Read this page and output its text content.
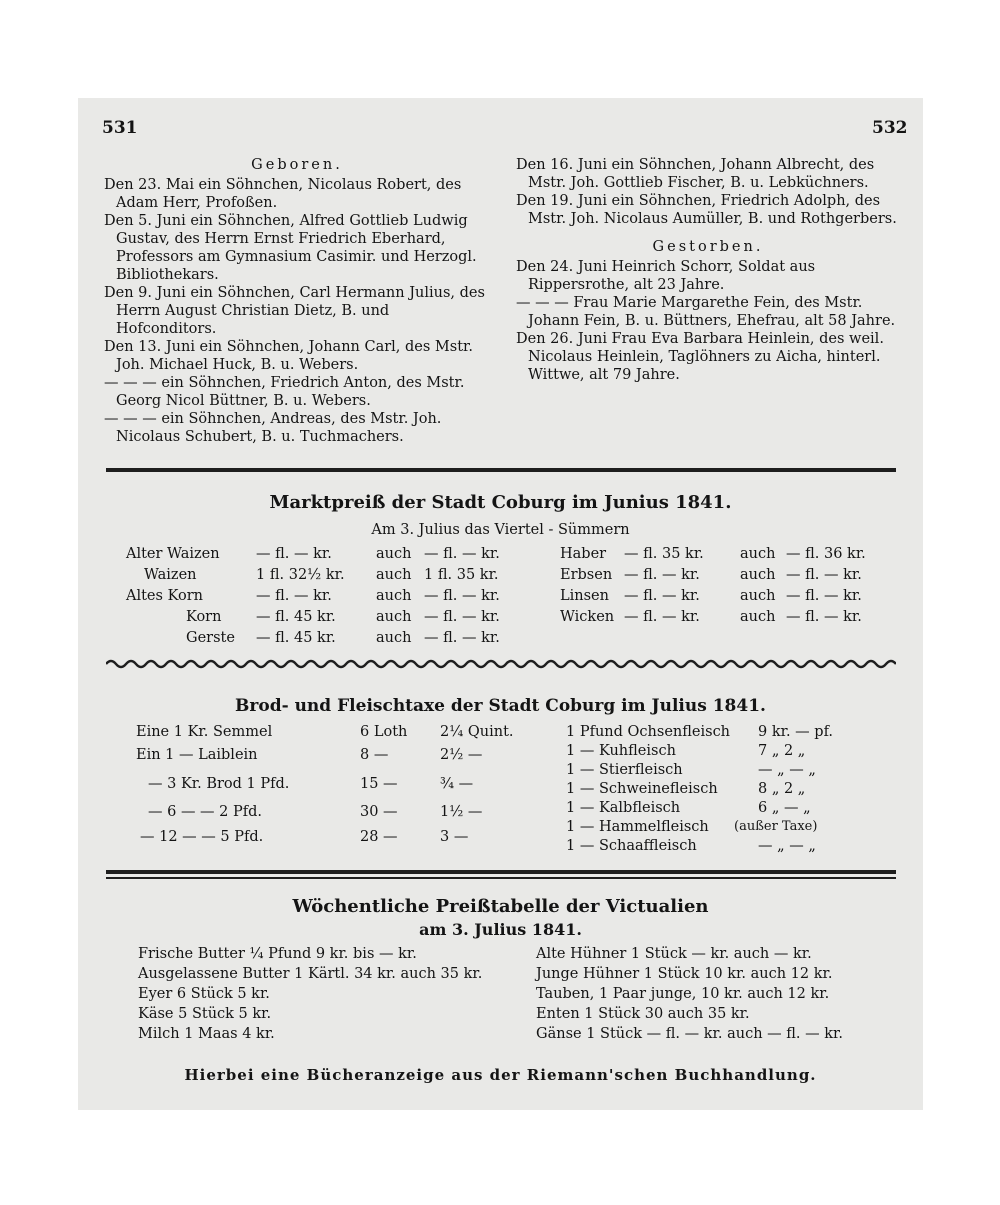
531	532
Geboren.
Den 23. Mai ein Söhnchen, Nicolaus Robert, des Adam Herr, Profoßen.
Den 5. Juni ein Söhnchen, Alfred Gottlieb Ludwig Gustav, des Herrn Ernst Friedrich Eberhard, Professors am Gymnasium Casimir. und Herzogl. Bibliothekars.
Den 9. Juni ein Söhnchen, Carl Hermann Julius, des Herrn August Christian Dietz, B. und Hofconditors.
Den 13. Juni ein Söhnchen, Johann Carl, des Mstr. Joh. Michael Huck, B. u. Webers.
— — — ein Söhnchen, Friedrich Anton, des Mstr. Georg Nicol Büttner, B. u. Webers.
— — — ein Söhnchen, Andreas, des Mstr. Joh. Nicolaus Schubert, B. u. Tuchmachers.
Den 16. Juni ein Söhnchen, Johann Albrecht, des Mstr. Joh. Gottlieb Fischer, B. u. Lebküchners.
Den 19. Juni ein Söhnchen, Friedrich Adolph, des Mstr. Joh. Nicolaus Aumüller, B. und Rothgerbers.
Gestorben.
Den 24. Juni Heinrich Schorr, Soldat aus Rippersrothe, alt 23 Jahre.
— — — Frau Marie Margarethe Fein, des Mstr. Johann Fein, B. u. Büttners, Ehefrau, alt 58 Jahre.
Den 26. Juni Frau Eva Barbara Heinlein, des weil. Nicolaus Heinlein, Taglöhners zu Aicha, hinterl. Wittwe, alt 79 Jahre.
Marktpreiß der Stadt Coburg im Junius 1841.
Am 3. Julius das Viertel - Sümmern
Alter Waizen	— fl. — kr.	auch — fl. — kr.
Waizen	1 fl. 32½ kr. auch 1 fl. 35 kr.
Altes Korn	— fl. — kr.	auch — fl. — kr.
Korn — fl. 45 kr.	auch — fl. — kr.
Gerste — fl. 45 kr.	auch — fl. — kr.
Haber — fl. 35 kr. auch — fl. 36 kr.
Erbsen — fl. — kr.	auch — fl. — kr.
Linsen — fl. — kr.	auch — fl. — kr.
Wicken — fl. — kr.	auch — fl. — kr.
Brod- und Fleischtaxe der Stadt Coburg im Julius 1841.
Eine 1 Kr. Semmel	6 Loth 2¼ Quint.
Ein 1 — Laiblein	8 —	2½ —
— 3 Kr. Brod 1 Pfd.	15 —	¾ —
— 6 — — 2 Pfd.	30 —	1½ —
— 12 — — 5 Pfd.	28 —	3 —
1 Pfund Ochsenfleisch 9 kr. — pf.
1 — Kuhfleisch	7 „ 2 „
1 — Stierfleisch	— „ — „
1 — Schweinefleisch	8 „ 2 „
1 — Kalbfleisch	6 „ — „
1 — Hammelfleisch (außer Taxe)
1 — Schaaffleisch	— „ — „
Wöchentliche Preißtabelle der Victualien
am 3. Julius 1841.
Frische Butter ¼ Pfund 9 kr. bis — kr.
Ausgelassene Butter 1 Kärtl. 34 kr. auch 35 kr.
Eyer 6 Stück 5 kr.
Käse 5 Stück 5 kr.
Milch 1 Maas 4 kr.
Alte Hühner 1 Stück — kr. auch — kr.
Junge Hühner 1 Stück 10 kr. auch 12 kr.
Tauben, 1 Paar junge, 10 kr. auch 12 kr.
Enten 1 Stück 30 auch 35 kr.
Gänse 1 Stück — fl. — kr. auch — fl. — kr.
Hierbei eine Bücheranzeige aus der Riemann'schen Buchhandlung.
